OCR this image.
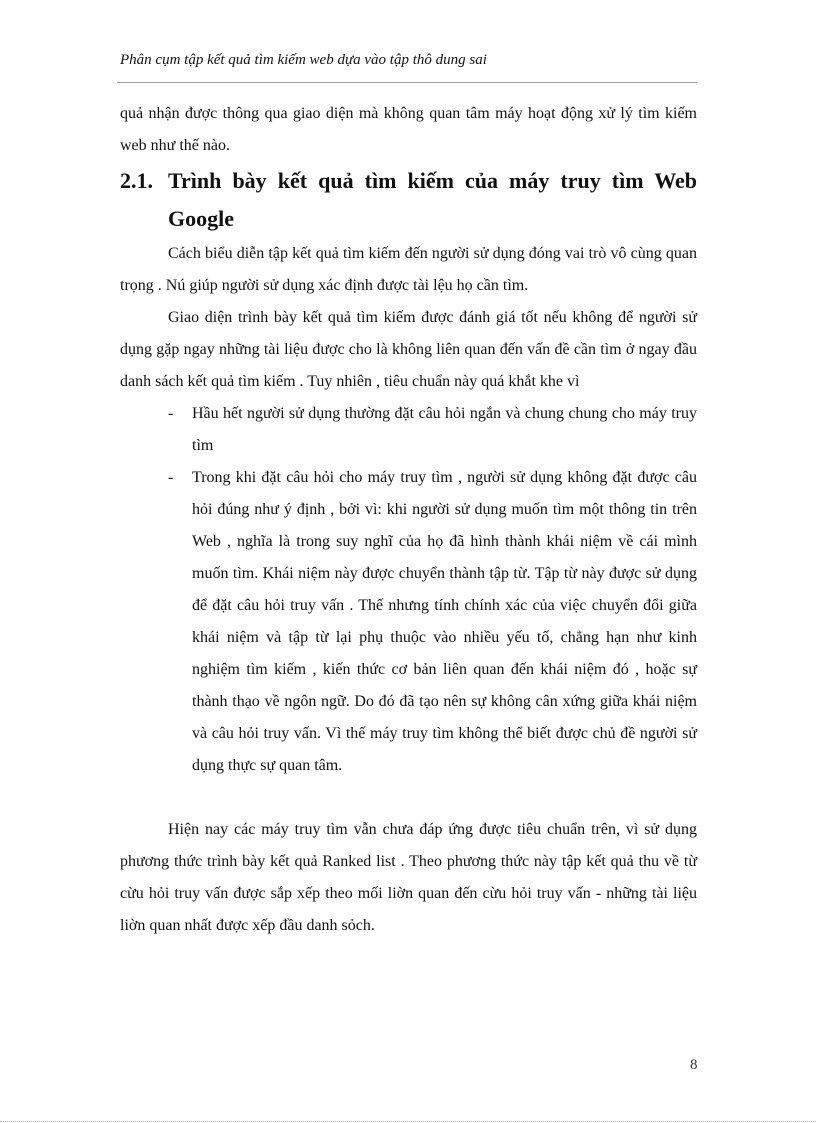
Phân cụm tập kết quả tìm kiếm web dựa vào tập thô dung sai

quả nhận được thông qua giao diện mà không quan tâm máy hoạt động xử lý tìm kiếm web như thế nào.

2.1. Trình bày kết quả tìm kiếm của máy truy tìm Web
Google

Cách biểu diễn tập kết quả tìm kiếm đến người sử dụng đóng vai trò vô cùng quan trọng . Nú giúp người sử dụng xác định được tài lệu họ cần tìm.

Giao diện trình bày kết quả tìm kiếm được đánh giá tốt nếu không để người sử dụng gặp ngay những tài liệu được cho là không liên quan đến vấn đề cần tìm ở ngay đầu danh sách kết quả tìm kiếm . Tuy nhiên , tiêu chuẩn này quá khắt khe vì

- Hầu hết người sử dụng thường đặt câu hỏi ngắn và chung chung cho máy truy tìm
- Trong khi đặt câu hỏi cho máy truy tìm , người sử dụng không đặt được câu hỏi đúng như ý định , bởi vì: khi người sử dụng muốn tìm một thông tin trên Web , nghĩa là trong suy nghĩ của họ đã hình thành khái niệm về cái mình muốn tìm. Khái niệm này được chuyển thành tập từ. Tập từ này được sử dụng để đặt câu hỏi truy vấn . Thế nhưng tính chính xác của việc chuyển đổi giữa khái niệm và tập từ lại phụ thuộc vào nhiều yếu tố, chẳng hạn như kinh nghiệm tìm kiếm , kiến thức cơ bản liên quan đến khái niệm đó , hoặc sự thành thạo về ngôn ngữ. Do đó đã tạo nên sự không cân xứng giữa khái niệm và câu hỏi truy vấn. Vì thế máy truy tìm không thể biết được chủ đề người sử dụng thực sự quan tâm.

Hiện nay các máy truy tìm vẫn chưa đáp ứng được tiêu chuẩn trên, vì sử dụng phương thức trình bày kết quả Ranked list . Theo phương thức này tập kết quả thu về từ cừu hỏi truy vấn được sắp xếp theo mối liờn quan đến cừu hỏi truy vấn - những tài liệu liờn quan nhất được xếp đầu danh sỏch.

8
